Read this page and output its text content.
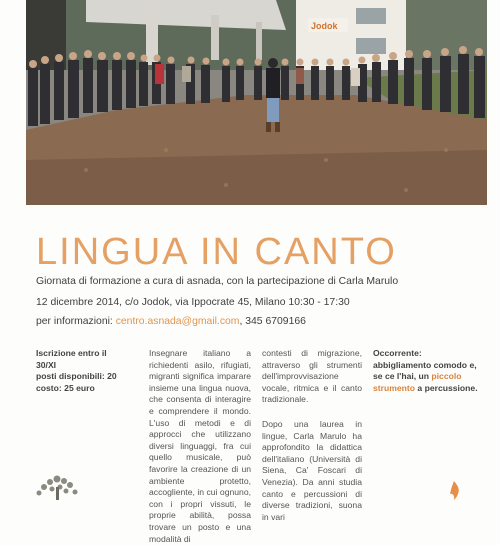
Jodok
LINGUA IN CANTO
Giornata di formazione a cura di asnada, con la partecipazione di Carla Marulo
12 dicembre 2014, c/o Jodok, via Ippocrate 45, Milano 10:30 - 17:30
per informazioni: centro.asnada@gmail.com, 345 6709166
Iscrizione entro il 30/XI
posti disponibili: 20
costo: 25 euro
Insegnare italiano a richiedenti asilo, rifugiati, migranti significa imparare insieme una lingua nuova, che consenta di interagire e comprendere il mondo. L'uso di metodi e di approcci che utilizzano diversi linguaggi, fra cui quello musicale, può favorire la creazione di un ambiente protetto, accogliente, in cui ognuno, con i propri vissuti, le proprie abilità, possa trovare un posto e una modalità di

contesti di migrazione, attraverso gli strumenti dell'improvvisazione vocale, ritmica e il canto tradizionale.

Dopo una laurea in lingue, Carla Marulo ha approfondito la didattica dell'italiano (Università di Siena, Ca' Foscari di Venezia). Da anni studia canto e percussioni di diverse tradizioni, suona in vari

Occorrente: abbigliamento comodo e, se ce l'hai, un piccolo strumento a percussione.
